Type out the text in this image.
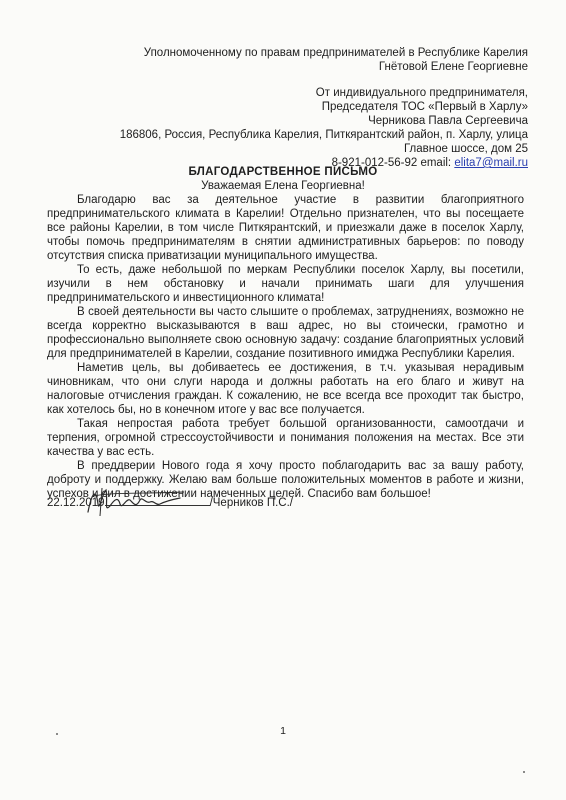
Уполномоченному по правам предпринимателей в Республике Карелия
Гнётовой Елене Георгиевне
От индивидуального предпринимателя,
Председателя ТОС «Первый в Харлу»
Черникова Павла Сергеевича
186806, Россия, Республика Карелия, Питкярантский район, п. Харлу, улица
Главное шоссе, дом 25
8-921-012-56-92 email: elita7@mail.ru
БЛАГОДАРСТВЕННОЕ ПИСЬМО
Уважаемая Елена Георгиевна!

Благодарю вас за деятельное участие в развитии благоприятного предпринимательского климата в Карелии! Отдельно признателен, что вы посещаете все районы Карелии, в том числе Питкярантский, и приезжали даже в поселок Харлу, чтобы помочь предпринимателям в снятии административных барьеров: по поводу отсутствия списка приватизации муниципального имущества.

То есть, даже небольшой по меркам Республики поселок Харлу, вы посетили, изучили в нем обстановку и начали принимать шаги для улучшения предпринимательского и инвестиционного климата!

В своей деятельности вы часто слышите о проблемах, затруднениях, возможно не всегда корректно высказываются в ваш адрес, но вы стоически, грамотно и профессионально выполняете свою основную задачу: создание благоприятных условий для предпринимателей в Карелии, создание позитивного имиджа Республики Карелия.

Наметив цель, вы добиваетесь ее достижения, в т.ч. указывая нерадивым чиновникам, что они слуги народа и должны работать на его благо и живут на налоговые отчисления граждан. К сожалению, не все всегда все проходит так быстро, как хотелось бы, но в конечном итоге у вас все получается.

Такая непростая работа требует большой организованности, самоотдачи и терпения, огромной стрессоустойчивости и понимания положения на местах. Все эти качества у вас есть.

В преддверии Нового года я хочу просто поблагодарить вас за вашу работу, доброту и поддержку. Желаю вам больше положительных моментов в работе и жизни, успехов и сил в достижении намеченных целей. Спасибо вам большое!

22.12.2019	/Черников П.С./
1
